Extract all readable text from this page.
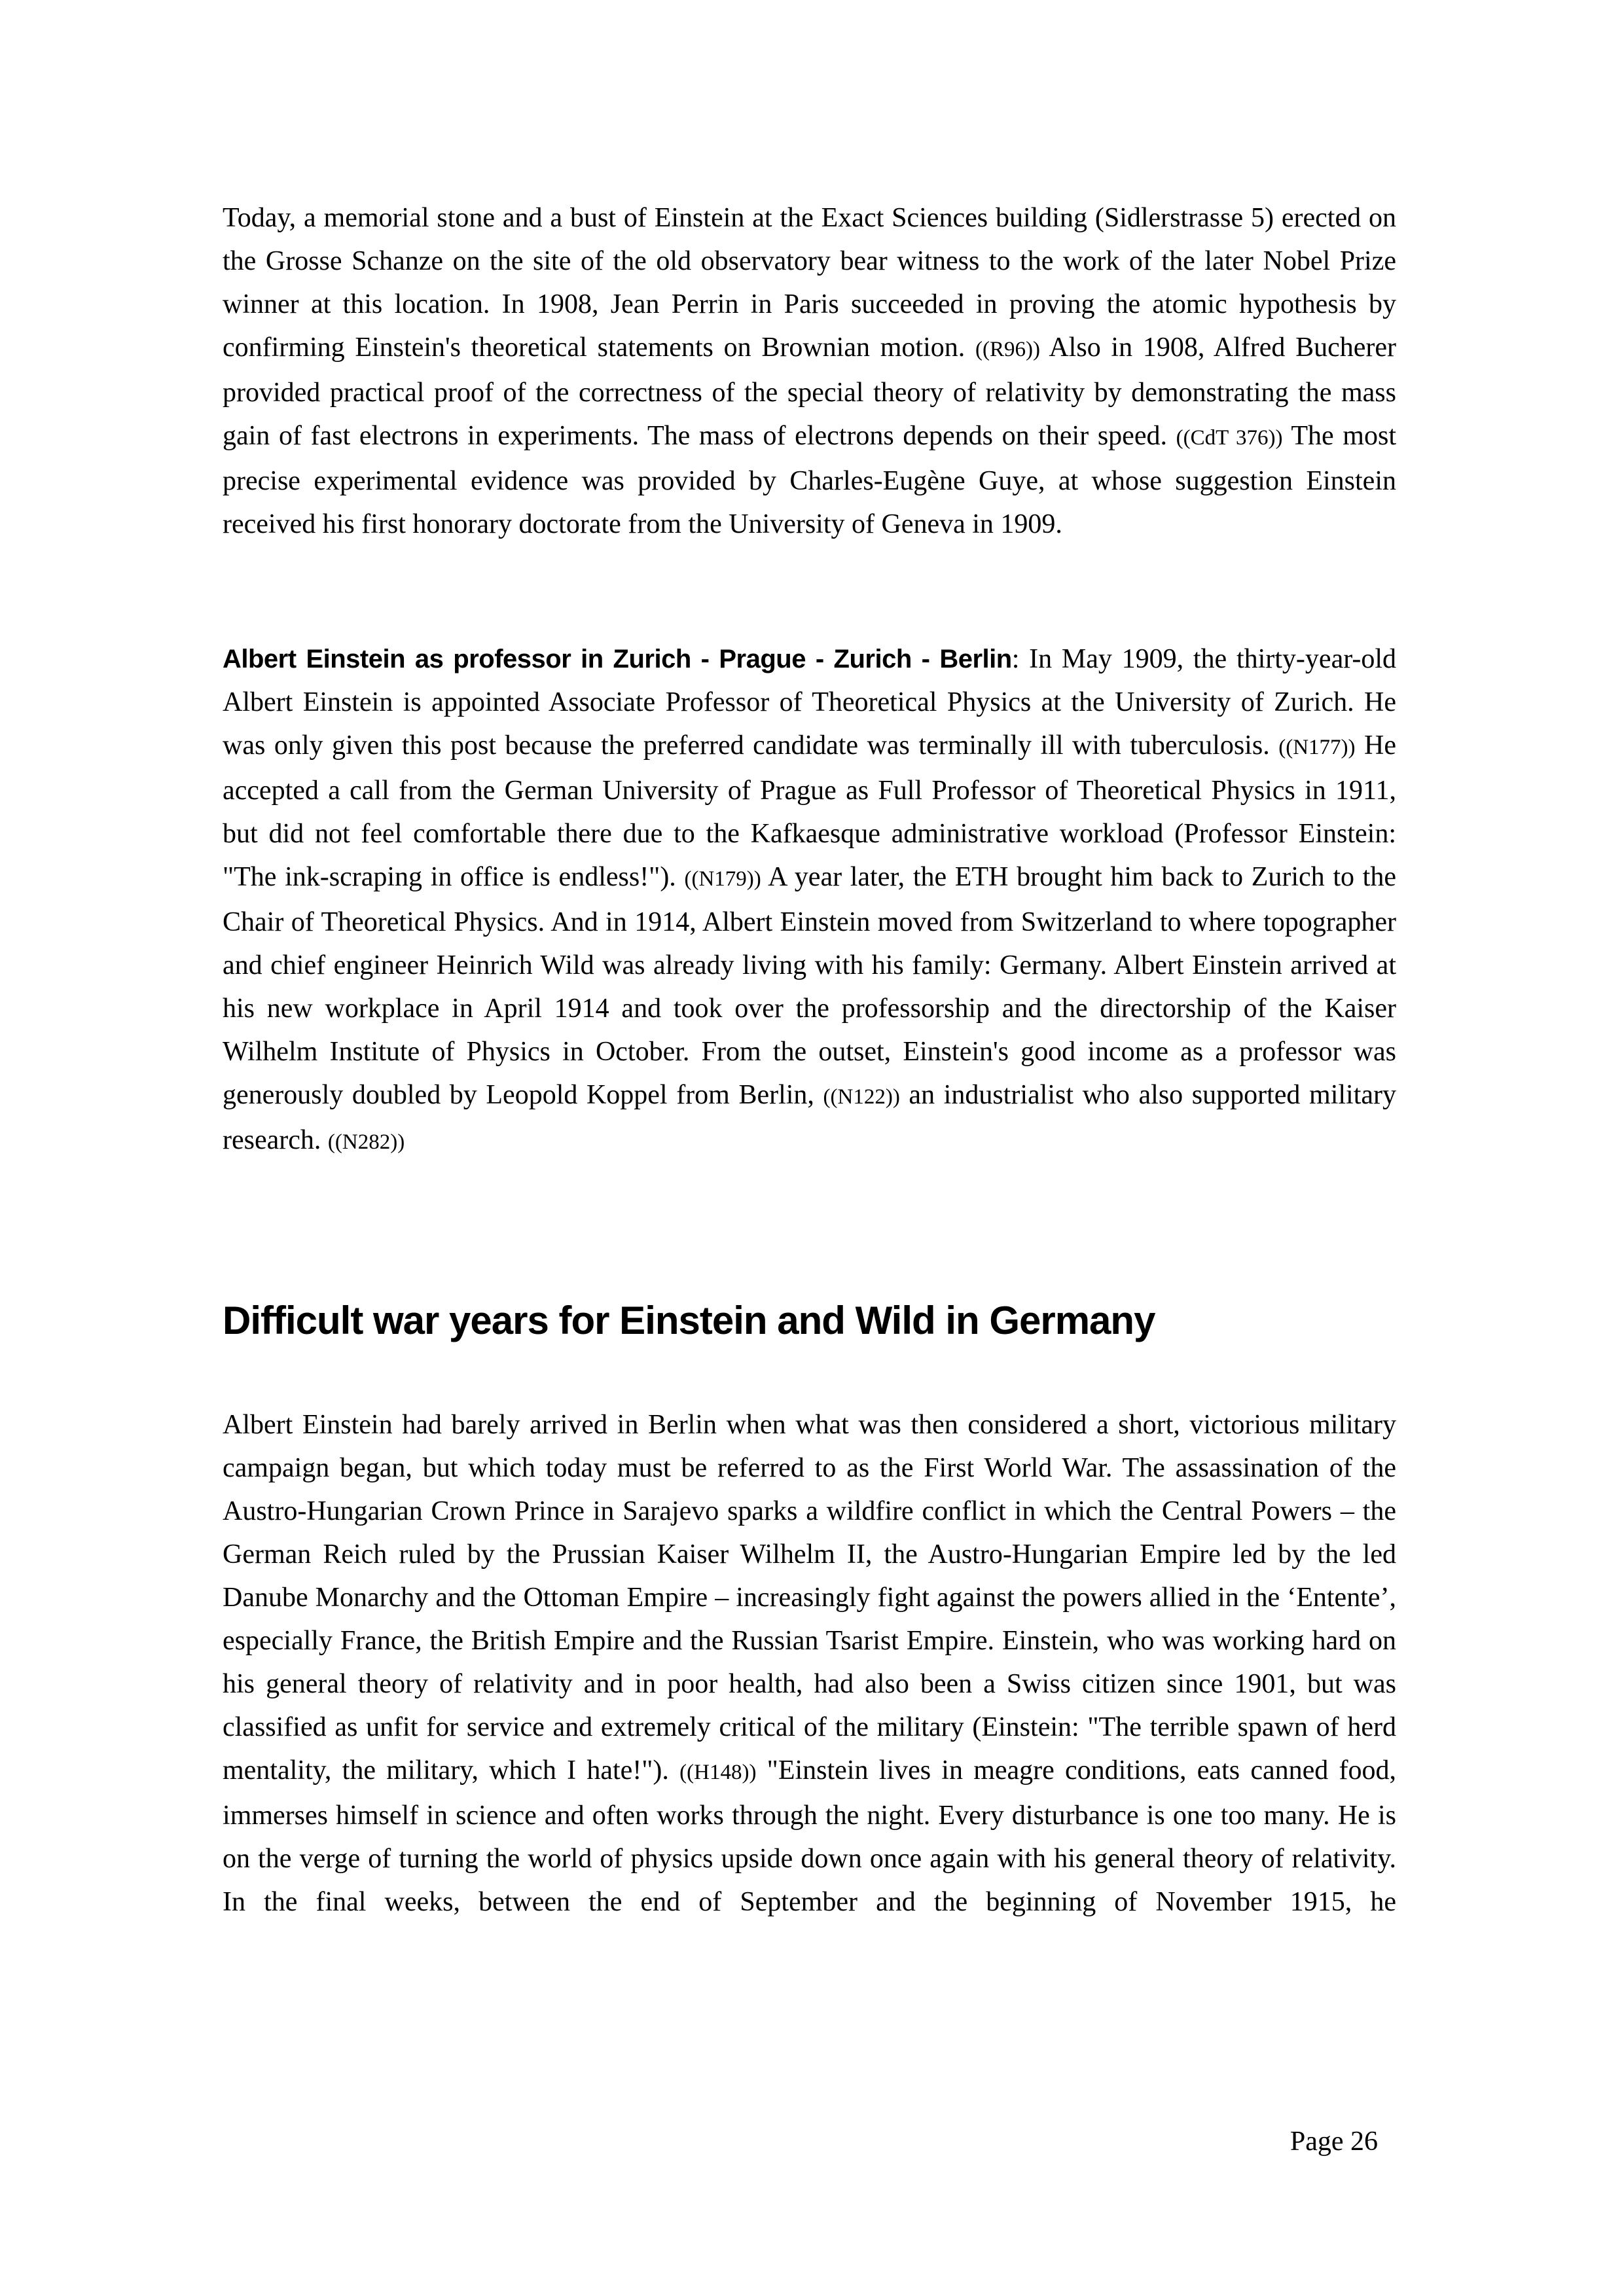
Today, a memorial stone and a bust of Einstein at the Exact Sciences building (Sidlerstrasse 5) erected on the Grosse Schanze on the site of the old observatory bear witness to the work of the later Nobel Prize winner at this location. In 1908, Jean Perrin in Paris succeeded in proving the atomic hypothesis by confirming Einstein's theoretical statements on Brownian motion. ((R96)) Also in 1908, Alfred Bucherer provided practical proof of the correctness of the special theory of relativity by demonstrating the mass gain of fast electrons in experiments. The mass of electrons depends on their speed. ((CdT 376)) The most precise experimental evidence was provided by Charles-Eugène Guye, at whose suggestion Einstein received his first honorary doctorate from the University of Geneva in 1909.

Albert Einstein as professor in Zurich - Prague - Zurich - Berlin: In May 1909, the thirty-year-old Albert Einstein is appointed Associate Professor of Theoretical Physics at the University of Zurich. He was only given this post because the preferred candidate was terminally ill with tuberculosis. ((N177)) He accepted a call from the German University of Prague as Full Professor of Theoretical Physics in 1911, but did not feel comfortable there due to the Kafkaesque administrative workload (Professor Einstein: "The ink-scraping in office is endless!"). ((N179)) A year later, the ETH brought him back to Zurich to the Chair of Theoretical Physics. And in 1914, Albert Einstein moved from Switzerland to where topographer and chief engineer Heinrich Wild was already living with his family: Germany. Albert Einstein arrived at his new workplace in April 1914 and took over the professorship and the directorship of the Kaiser Wilhelm Institute of Physics in October. From the outset, Einstein's good income as a professor was generously doubled by Leopold Koppel from Berlin, ((N122)) an industrialist who also supported military research. ((N282))

Difficult war years for Einstein and Wild in Germany

Albert Einstein had barely arrived in Berlin when what was then considered a short, victorious military campaign began, but which today must be referred to as the First World War. The assassination of the Austro-Hungarian Crown Prince in Sarajevo sparks a wildfire conflict in which the Central Powers – the German Reich ruled by the Prussian Kaiser Wilhelm II, the Austro-Hungarian Empire led by the led Danube Monarchy and the Ottoman Empire – increasingly fight against the powers allied in the ‘Entente’, especially France, the British Empire and the Russian Tsarist Empire. Einstein, who was working hard on his general theory of relativity and in poor health, had also been a Swiss citizen since 1901, but was classified as unfit for service and extremely critical of the military (Einstein: "The terrible spawn of herd mentality, the military, which I hate!"). ((H148)) "Einstein lives in meagre conditions, eats canned food, immerses himself in science and often works through the night. Every disturbance is one too many. He is on the verge of turning the world of physics upside down once again with his general theory of relativity. In the final weeks, between the end of September and the beginning of November 1915, he

Page 26
